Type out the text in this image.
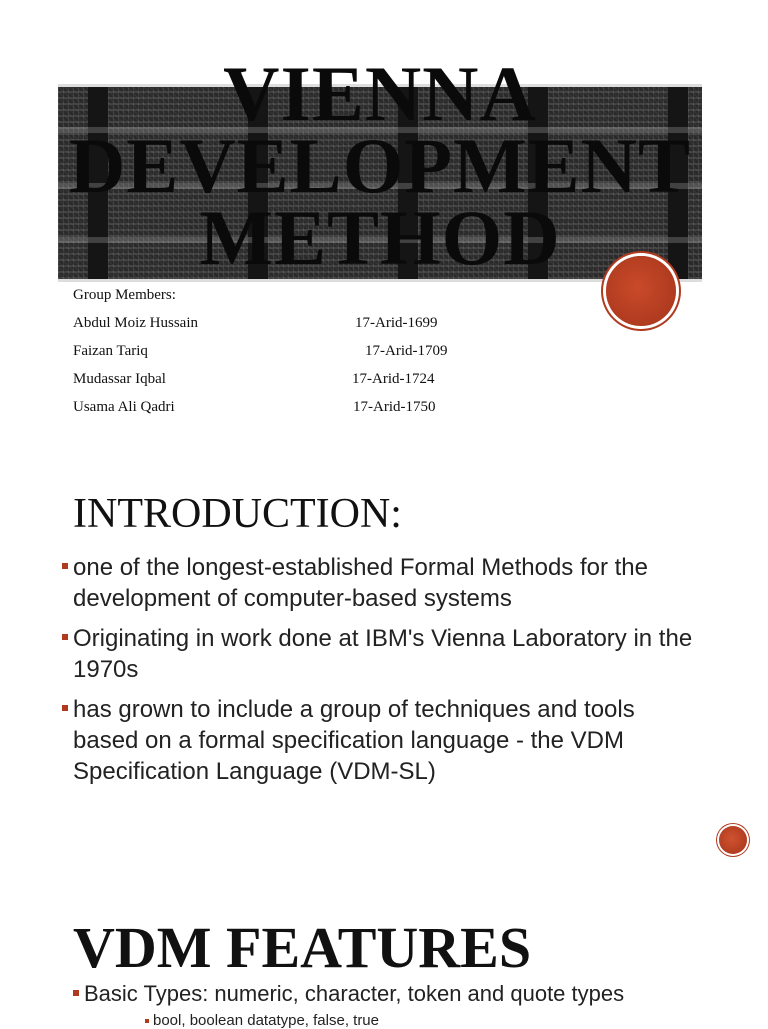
VIENNA
DEVELOPMENT
METHOD
Group Members:
Abdul Moiz Hussain	17-Arid-1699
Faizan Tariq	17-Arid-1709
Mudassar Iqbal	17-Arid-1724
Usama Ali Qadri	17-Arid-1750
INTRODUCTION:
one of the longest-established Formal Methods for the development of computer-based systems
Originating in work done at IBM's Vienna Laboratory in the 1970s
has grown to include a group of techniques and tools based on a formal specification language - the VDM Specification Language (VDM-SL)
VDM FEATURES
Basic Types: numeric, character, token and quote types
bool, boolean datatype, false, true
